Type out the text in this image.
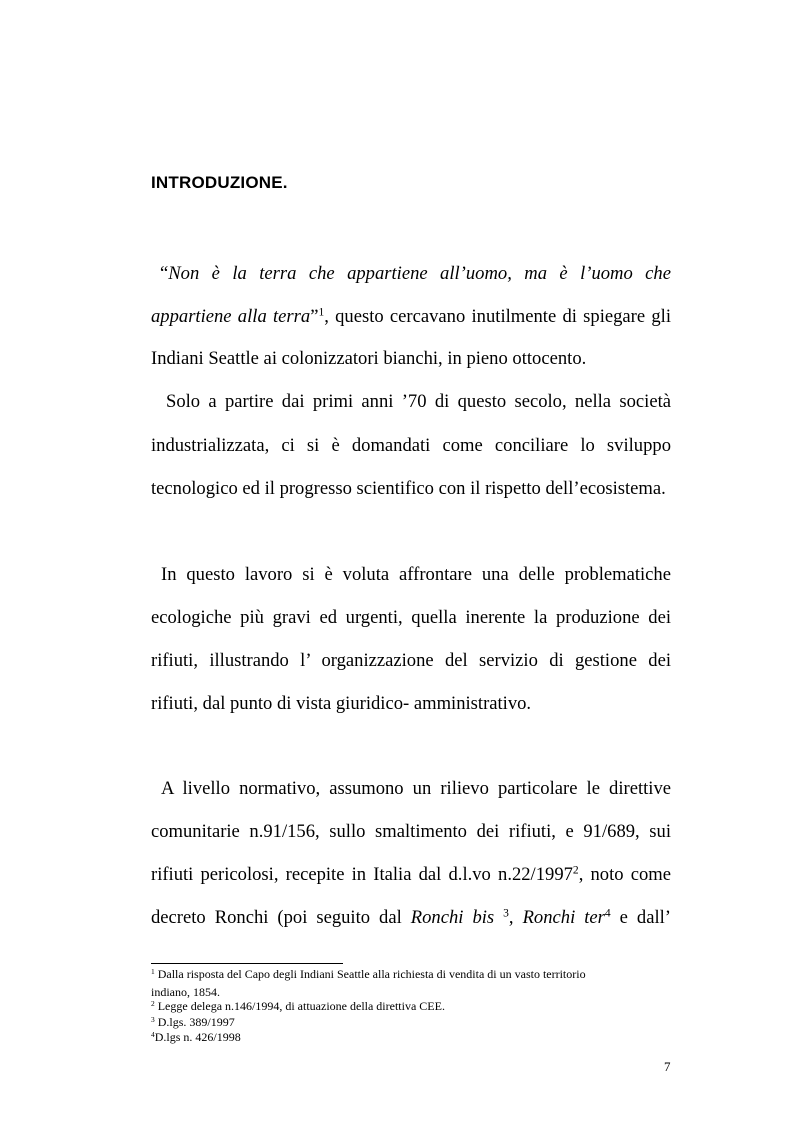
INTRODUZIONE.
“Non è la terra che appartiene all’uomo, ma è l’uomo che
appartiene alla terra”$^1$, questo cercavano inutilmente di spiegare gli
Indiani Seattle ai colonizzatori bianchi, in pieno ottocento.
Solo a partire dai primi anni ’70 di questo secolo, nella società
industrializzata, ci si è domandati come conciliare lo sviluppo
tecnologico ed il progresso scientifico con il rispetto dell’ecosistema.
In questo lavoro si è voluta affrontare una delle problematiche
ecologiche più gravi ed urgenti, quella inerente la produzione dei
rifiuti, illustrando l’ organizzazione del servizio di gestione dei
rifiuti, dal punto di vista giuridico- amministrativo.
A livello normativo, assumono un rilievo particolare le direttive
comunitarie n.91/156, sullo smaltimento dei rifiuti, e 91/689, sui
rifiuti pericolosi, recepite in Italia dal d.l.vo n.22/1997$^2$, noto come
decreto Ronchi (poi seguito dal Ronchi bis $^3$, Ronchi ter$^4$ e dall’
$^1$ Dalla risposta del Capo degli Indiani Seattle alla richiesta di vendita di un vasto territorio
indiano, 1854.
$^2$ Legge delega n.146/1994, di attuazione della direttiva CEE.
$^3$ D.lgs. 389/1997
$^4$D.lgs n. 426/1998
7
